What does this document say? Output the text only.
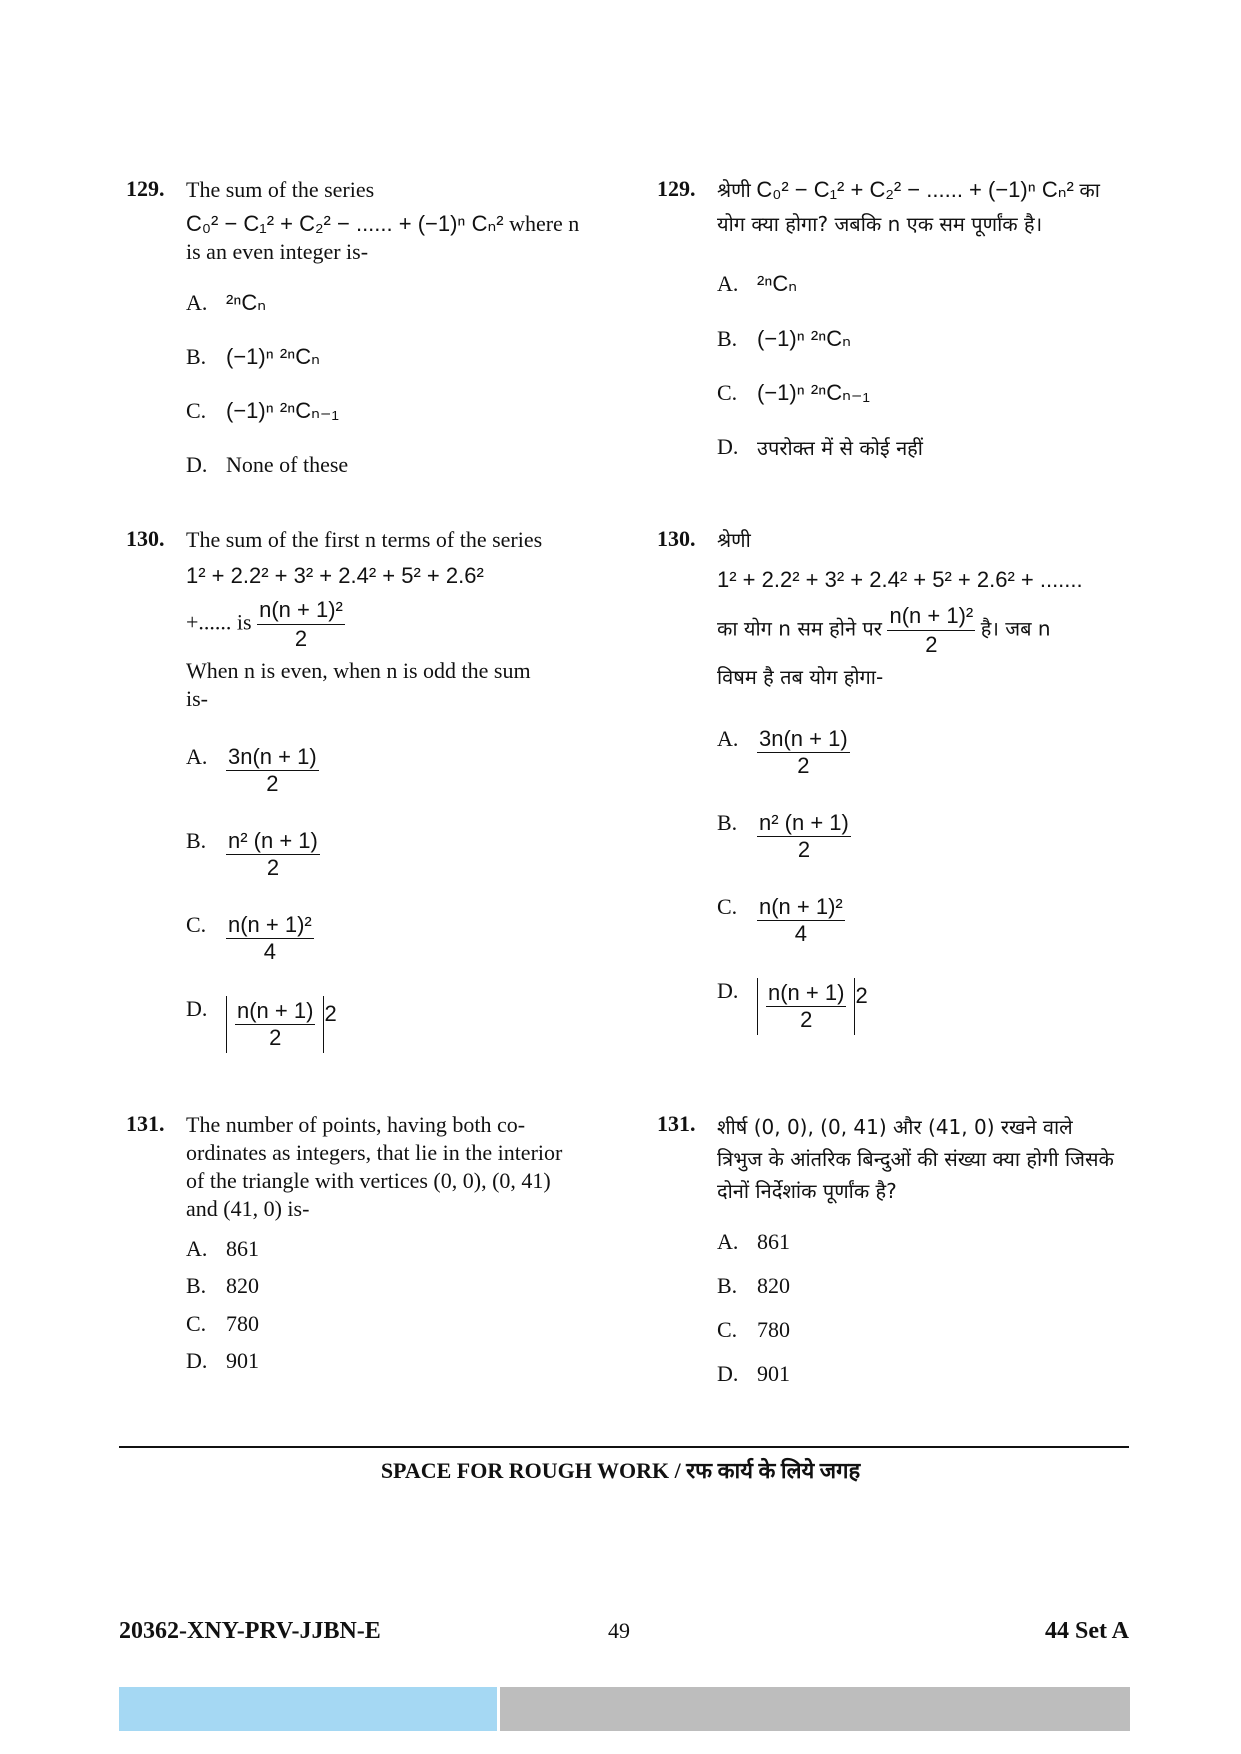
129. The sum of the series
C₀² − C₁² + C₂² − ...... + (−1)ⁿ Cₙ² where n
is an even integer is-
A. ²ⁿCₙ
B. (−1)ⁿ ²ⁿCₙ
C. (−1)ⁿ ²ⁿCₙ₋₁
D. None of these
130. The sum of the first n terms of the series
1² + 2.2² + 3² + 2.4² + 5² + 2.6²
+...... is $\frac{\text{n(n + 1)²}}{2}$
When n is even, when n is odd the sum
is-
A. $\frac{3n(n + 1)}{2}$
B. $\frac{\text{n² (n + 1)}}{2}$
C. $\frac{\text{n(n + 1)²}}{4}$
D. $\frac{n(n + 1)}{2} ^2$
131. The number of points, having both co-ordinates as integers, that lie in the interior of the triangle with vertices (0, 0), (0, 41) and (41, 0) is-
A. 861
B. 820
C. 780
D. 901
129. श्रेणी C₀² − C₁² + C₂² − ...... + (−1)ⁿ Cₙ² का
योग क्या होगा? जबकि n एक सम पूर्णांक है।
A. ²ⁿCₙ
B. (−1)ⁿ ²ⁿCₙ
C. (−1)ⁿ ²ⁿCₙ₋₁
D. उपरोक्त में से कोई नहीं
130. श्रेणी
1² + 2.2² + 3² + 2.4² + 5² + 2.6² + .......
का योग n सम होने पर $\frac{\text{n(n + 1)²}}{2}$ है। जब n
विषम है तब योग होगा-
A. $\frac{3n(n + 1)}{2}$
B. $\frac{\text{n² (n + 1)}}{2}$
C. $\frac{\text{n(n + 1)²}}{4}$
D. $\frac{n(n + 1)}{2} ^2$
131. शीर्ष (0, 0), (0, 41) और (41, 0) रखने वाले त्रिभुज के आंतरिक बिन्दुओं की संख्या क्या होगी जिसके दोनों निर्देशांक पूर्णांक है?
A. 861
B. 820
C. 780
D. 901
SPACE FOR ROUGH WORK / रफ कार्य के लिये जगह
20362-XNY-PRV-JJBN-E	49	44 Set A
